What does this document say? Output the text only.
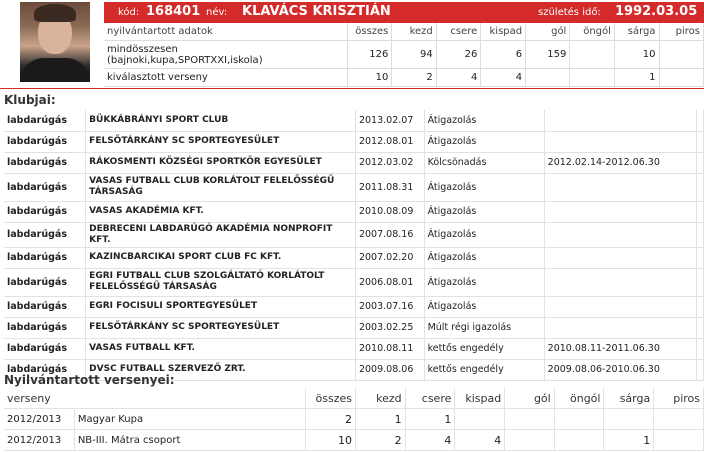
kód: 168401 név: KLAVÁCS KRISZTIÁN	születés idő: 1992.03.05
nyilvántartott adatok	összes	kezd	csere	kispad	gól	öngól	sárga	piros
mindösszesen
(bajnoki,kupa,SPORTXXI,iskola)	126	94	26	6	159		10	
kiválasztott verseny	10	2	4	4			1	
Klubjai:
labdarúgás	BÜKKÁBRÁNYI SPORT CLUB	2013.02.07	Átigazolás		
labdarúgás	FELSŐTÁRKÁNY SC SPORTEGYESÜLET	2012.08.01	Átigazolás		
labdarúgás	RÁKOSMENTI KÖZSÉGI SPORTKÖR EGYESÜLET	2012.03.02	Kölcsönadás	2012.02.14-2012.06.30	
labdarúgás	VASAS FUTBALL CLUB KORLÁTOLT FELELŐSSÉGŰ TÁRSASÁG	2011.08.31	Átigazolás		
labdarúgás	VASAS AKADÉMIA KFT.	2010.08.09	Átigazolás		
labdarúgás	DEBRECENI LABDARÚGÓ AKADÉMIA NONPROFIT KFT.	2007.08.16	Átigazolás		
labdarúgás	KAZINCBARCIKAI SPORT CLUB FC KFT.	2007.02.20	Átigazolás		
labdarúgás	EGRI FUTBALL CLUB SZOLGÁLTATÓ KORLÁTOLT FELELŐSSÉGŰ TÁRSASÁG	2006.08.01	Átigazolás		
labdarúgás	EGRI FOCISULI SPORTEGYESÜLET	2003.07.16	Átigazolás		
labdarúgás	FELSŐTÁRKÁNY SC SPORTEGYESÜLET	2003.02.25	Múlt régi igazolás		
labdarúgás	VASAS FUTBALL KFT.	2010.08.11	kettős engedély	2010.08.11-2011.06.30	
labdarúgás	DVSC FUTBALL SZERVEZŐ ZRT.	2009.08.06	kettős engedély	2009.08.06-2010.06.30	
Nyilvántartott versenyei:
verseny		összes	kezd	csere	kispad	gól	öngól	sárga	piros
2012/2013	Magyar Kupa	2	1	1					
2012/2013	NB-III. Mátra csoport	10	2	4	4			1	
